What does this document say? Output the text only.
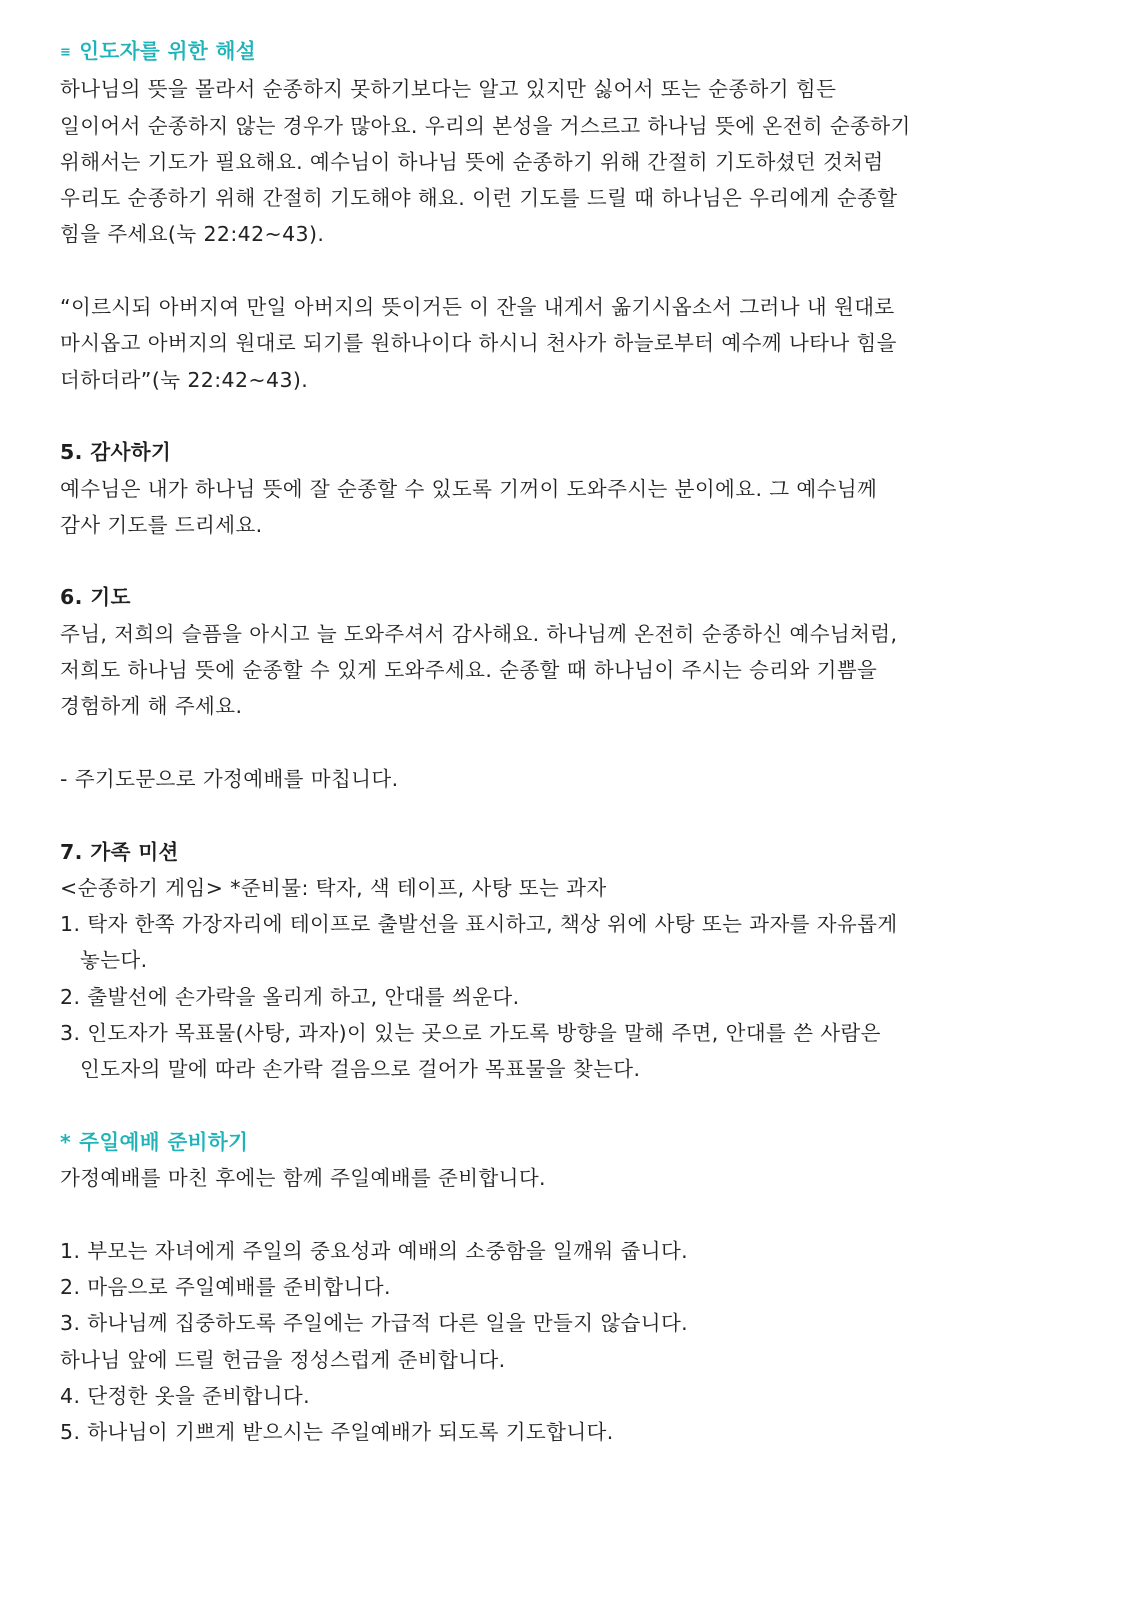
≡ 인도자를 위한 해설
하나님의 뜻을 몰라서 순종하지 못하기보다는 알고 있지만 싫어서 또는 순종하기 힘든
일이어서 순종하지 않는 경우가 많아요. 우리의 본성을 거스르고 하나님 뜻에 온전히 순종하기
위해서는 기도가 필요해요. 예수님이 하나님 뜻에 순종하기 위해 간절히 기도하셨던 것처럼
우리도 순종하기 위해 간절히 기도해야 해요. 이런 기도를 드릴 때 하나님은 우리에게 순종할
힘을 주세요(눅 22:42~43).
“이르시되 아버지여 만일 아버지의 뜻이거든 이 잔을 내게서 옮기시옵소서 그러나 내 원대로
마시옵고 아버지의 원대로 되기를 원하나이다 하시니 천사가 하늘로부터 예수께 나타나 힘을
더하더라”(눅 22:42~43).
5. 감사하기
예수님은 내가 하나님 뜻에 잘 순종할 수 있도록 기꺼이 도와주시는 분이에요. 그 예수님께
감사 기도를 드리세요.
6. 기도
주님, 저희의 슬픔을 아시고 늘 도와주셔서 감사해요. 하나님께 온전히 순종하신 예수님처럼,
저희도 하나님 뜻에 순종할 수 있게 도와주세요. 순종할 때 하나님이 주시는 승리와 기쁨을
경험하게 해 주세요.
- 주기도문으로 가정예배를 마칩니다.
7. 가족 미션
<순종하기 게임> *준비물: 탁자, 색 테이프, 사탕 또는 과자
1. 탁자 한쪽 가장자리에 테이프로 출발선을 표시하고, 책상 위에 사탕 또는 과자를 자유롭게
놓는다.
2. 출발선에 손가락을 올리게 하고, 안대를 씌운다.
3. 인도자가 목표물(사탕, 과자)이 있는 곳으로 가도록 방향을 말해 주면, 안대를 쓴 사람은
인도자의 말에 따라 손가락 걸음으로 걸어가 목표물을 찾는다.
* 주일예배 준비하기
가정예배를 마친 후에는 함께 주일예배를 준비합니다.
1. 부모는 자녀에게 주일의 중요성과 예배의 소중함을 일깨워 줍니다.
2. 마음으로 주일예배를 준비합니다.
3. 하나님께 집중하도록 주일에는 가급적 다른 일을 만들지 않습니다.
하나님 앞에 드릴 헌금을 정성스럽게 준비합니다.
4. 단정한 옷을 준비합니다.
5. 하나님이 기쁘게 받으시는 주일예배가 되도록 기도합니다.
